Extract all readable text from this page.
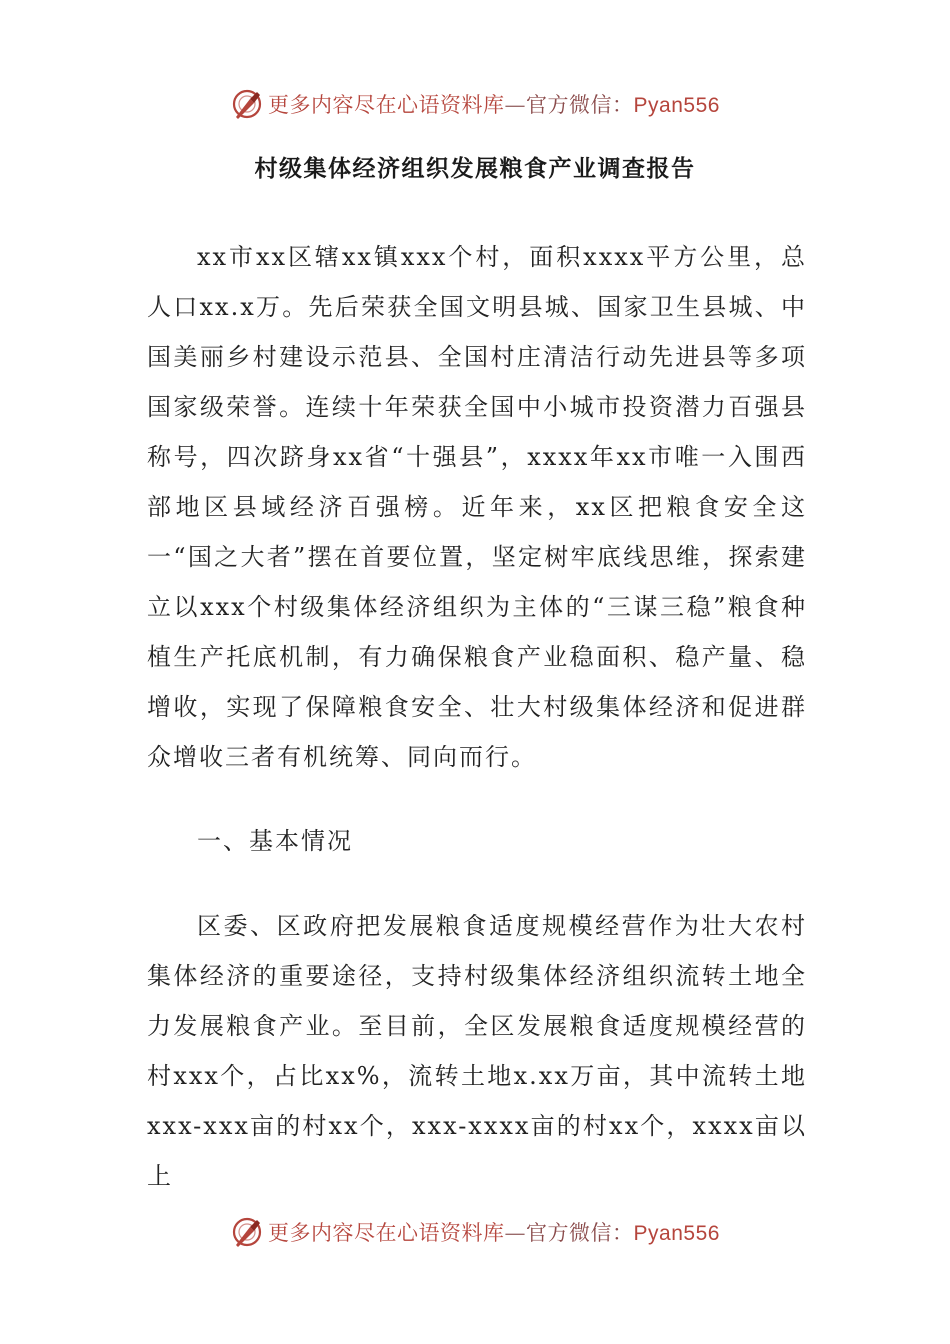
更多内容尽在心语资料库—官方微信：Pyan556
村级集体经济组织发展粮食产业调查报告
xx市xx区辖xx镇xxx个村，面积xxxx平方公里，总人口xx.x万。先后荣获全国文明县城、国家卫生县城、中国美丽乡村建设示范县、全国村庄清洁行动先进县等多项国家级荣誉。连续十年荣获全国中小城市投资潜力百强县称号，四次跻身xx省“十强县”，xxxx年xx市唯一入围西部地区县域经济百强榜。近年来，xx区把粮食安全这一“国之大者”摆在首要位置，坚定树牢底线思维，探索建立以xxx个村级集体经济组织为主体的“三谋三稳”粮食种植生产托底机制，有力确保粮食产业稳面积、稳产量、稳增收，实现了保障粮食安全、壮大村级集体经济和促进群众增收三者有机统筹、同向而行。
一、基本情况
区委、区政府把发展粮食适度规模经营作为壮大农村集体经济的重要途径，支持村级集体经济组织流转土地全力发展粮食产业。至目前，全区发展粮食适度规模经营的村xxx个，占比xx%，流转土地x.xx万亩，其中流转土地xxx-xxx亩的村xx个，xxx-xxxx亩的村xx个，xxxx亩以上
更多内容尽在心语资料库—官方微信：Pyan556
